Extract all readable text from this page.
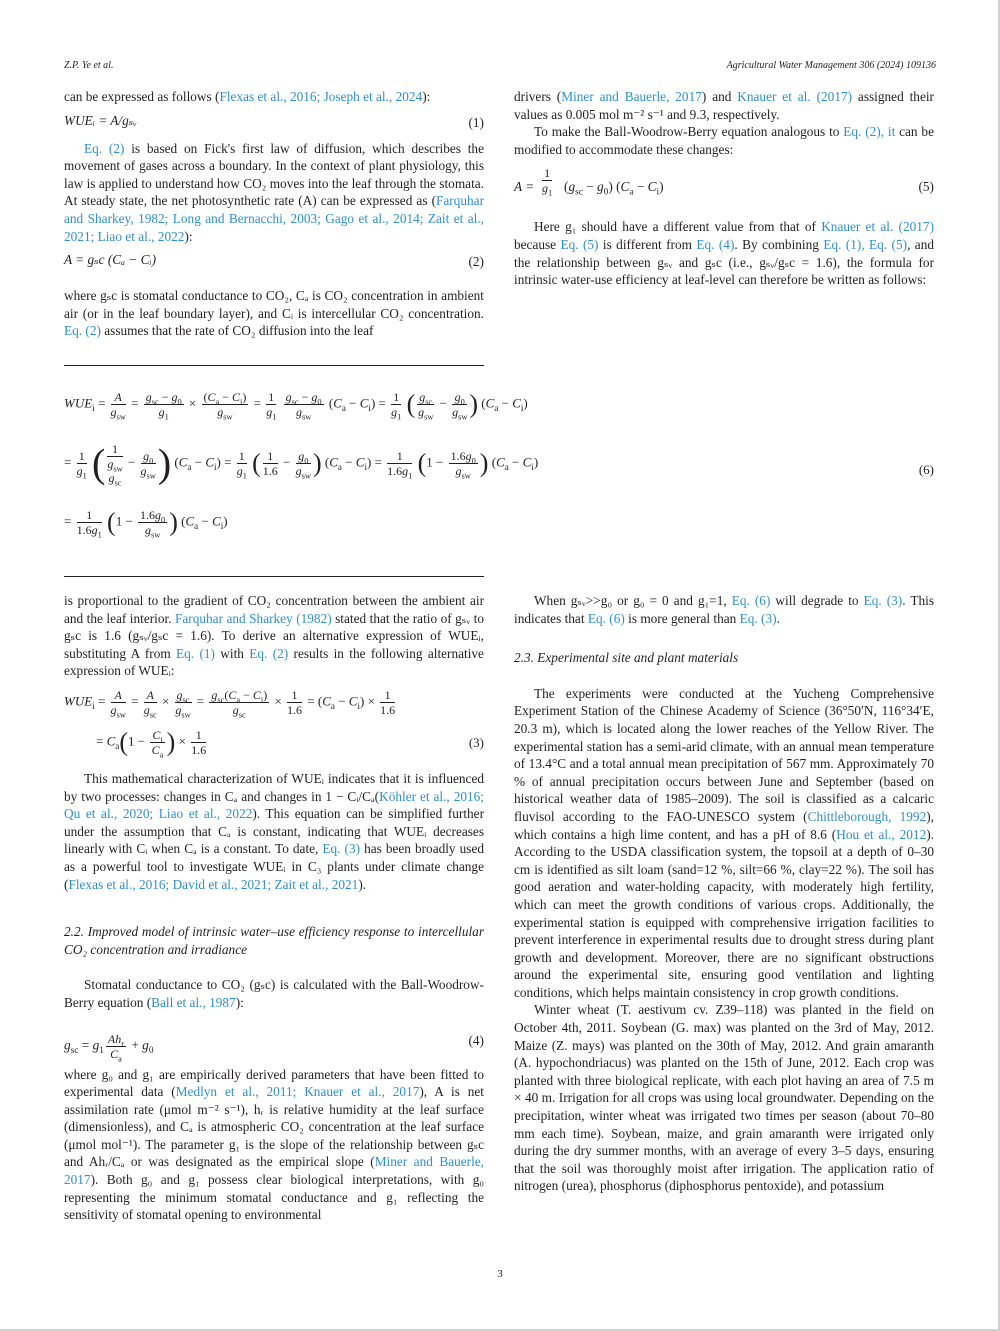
Z.P. Ye et al.	Agricultural Water Management 306 (2024) 109136

can be expressed as follows (Flexas et al., 2016; Joseph et al., 2024):

WUEᵢ = A/gₛᵥ  	(1)

Eq. (2) is based on Fick's first law of diffusion, which describes the movement of gases across a boundary. In the context of plant physiology, this law is applied to understand how CO₂ moves into the leaf through the stomata. At steady state, the net photosynthetic rate (A) can be expressed as (Farquhar and Sharkey, 1982; Long and Bernacchi, 2003; Gago et al., 2014; Zait et al., 2021; Liao et al., 2022):

A = gₛc (Cₐ − Cᵢ)	(2)

where gₛc is stomatal conductance to CO₂, Cₐ is CO₂ concentration in ambient air (or in the leaf boundary layer), and Cᵢ is intercellular CO₂ concentration. Eq. (2) assumes that the rate of CO₂ diffusion into the leaf

drivers (Miner and Bauerle, 2017) and Knauer et al. (2017) assigned their values as 0.005 mol m⁻² s⁻¹ and 9.3, respectively.

To make the Ball-Woodrow-Berry equation analogous to Eq. (2), it can be modified to accommodate these changes:

$A = \frac{1}{g_1} (g_{sc} - g_0) (C_a - C_i)$	(5)

Here g₁ should have a different value from that of Knauer et al. (2017) because Eq. (5) is different from Eq. (4). By combining Eq. (1), Eq. (5), and the relationship between gₛᵥ and gₛc (i.e., gₛᵥ/gₛc = 1.6), the formula for intrinsic water-use efficiency at leaf-level can therefore be written as follows:

$WUE_i = \frac{A}{g_{sw}} = \frac{g_{sc} - g_0}{g_1} \times \frac{(C_a - C_i)}{g_{sw}} = \frac{1}{g_1}$
$\frac{g_{sc} - g_0}{g_{sw}} (C_a - C_i) = \frac{1}{g_1}$ ( $\frac{g_{sc}}{g_{sw}} - \frac{g_0}{g_{sw}}$ ) $(C_a - C_i)$
= $\frac{1}{g_1}$ ( 1
$g_{sw}$
$g_{sc}$
− $\frac{g_0}{g_{sw}}$ ) $(C_a - C_i) = \frac{1}{g_1}$ ( $\frac{1}{1.6} - \frac{g_0}{g_{sw}}$ ) $(C_a - C_i) = \frac{1}{1.6g_1} (1 - \frac{1.6g_0}{g_{sw}}$ ) $(C_a - C_i)$
= $\frac{1}{1.6g_1} (1 - \frac{1.6g_0}{g_{sw}}$ ) $(C_a - C_i)$
(6)

is proportional to the gradient of CO₂ concentration between the ambient air and the leaf interior. Farquhar and Sharkey (1982) stated that the ratio of gₛᵥ to gₛc is 1.6 (gₛᵥ/gₛc = 1.6). To derive an alternative expression of WUEᵢ, substituting A from Eq. (1) with Eq. (2) results in the following alternative expression of WUEᵢ:

$WUE_i = \frac{A}{g_{sw}} = \frac{A}{g_{sc}} \times \frac{g_{sc}}{g_{sw}} = \frac{g_{sc}(C_a - C_i)}{g_{sc}} \times \frac{1}{1.6} = (C_a - C_i) \times \frac{1}{1.6}$
= $C_a(1 - \frac{C_i}{C_a}$ ) × $\frac{1}{1.6}$	(3)

This mathematical characterization of WUEᵢ indicates that it is influenced by two processes: changes in Cₐ and changes in 1 − Cᵢ/Cₐ(Köhler et al., 2016; Qu et al., 2020; Liao et al., 2022). This equation can be simplified further under the assumption that Cₐ is constant, indicating that WUEᵢ decreases linearly with Cᵢ when Cₐ is a constant. To date, Eq. (3) has been broadly used as a powerful tool to investigate WUEᵢ in C₃ plants under climate change (Flexas et al., 2016; David et al., 2021; Zait et al., 2021).

2.2. Improved model of intrinsic water–use efficiency response to intercellular CO₂ concentration and irradiance

Stomatal conductance to CO₂ (gₛc) is calculated with the Ball-Woodrow-Berry equation (Ball et al., 1987):

$g_{sc} = g_1 \frac{Ah_r}{C_a} + g_0$
(4)

where g₀ and g₁ are empirically derived parameters that have been fitted to experimental data (Medlyn et al., 2011; Knauer et al., 2017), A is net assimilation rate (μmol m⁻² s⁻¹), hᵣ is relative humidity at the leaf surface (dimensionless), and Cₐ is atmospheric CO₂ concentration at the leaf surface (μmol mol⁻¹). The parameter g₁ is the slope of the relationship between gₛc and Ahᵣ/Cₐ or was designated as the empirical slope (Miner and Bauerle, 2017). Both g₀ and g₁ possess clear biological interpretations, with g₀ representing the minimum stomatal conductance and g₁ reflecting the sensitivity of stomatal opening to environmental

When gₛᵥ>>g₀ or g₀ = 0 and g₁=1, Eq. (6) will degrade to Eq. (3). This indicates that Eq. (6) is more general than Eq. (3).

2.3. Experimental site and plant materials

The experiments were conducted at the Yucheng Comprehensive Experiment Station of the Chinese Academy of Science (36°50′N, 116°34′E, 20.3 m), which is located along the lower reaches of the Yellow River. The experimental station has a semi-arid climate, with an annual mean temperature of 13.4°C and a total annual mean precipitation of 567 mm. Approximately 70 % of annual precipitation occurs between June and September (based on historical weather data of 1985–2009). The soil is classified as a calcaric fluvisol according to the FAO-UNESCO system (Chittleborough, 1992), which contains a high lime content, and has a pH of 8.6 (Hou et al., 2012). According to the USDA classification system, the topsoil at a depth of 0–30 cm is identified as silt loam (sand=12 %, silt=66 %, clay=22 %). The soil has good aeration and water-holding capacity, with moderately high fertility, which can meet the growth conditions of various crops. Additionally, the experimental station is equipped with comprehensive irrigation facilities to prevent interference in experimental results due to drought stress during plant growth and development. Moreover, there are no significant obstructions around the experimental site, ensuring good ventilation and lighting conditions, which helps maintain consistency in crop growth conditions.

Winter wheat (T. aestivum cv. Z39–118) was planted in the field on October 4th, 2011. Soybean (G. max) was planted on the 3rd of May, 2012. Maize (Z. mays) was planted on the 30th of May, 2012. And grain amaranth (A. hypochondriacus) was planted on the 15th of June, 2012. Each crop was planted with three biological replicate, with each plot having an area of 7.5 m × 40 m. Irrigation for all crops was using local groundwater. Depending on the precipitation, winter wheat was irrigated two times per season (about 70–80 mm each time). Soybean, maize, and grain amaranth were irrigated only during the dry summer months, with an average of every 3–5 days, ensuring that the soil was thoroughly moist after irrigation. The application ratio of nitrogen (urea), phosphorus (diphosphorus pentoxide), and potassium

3
